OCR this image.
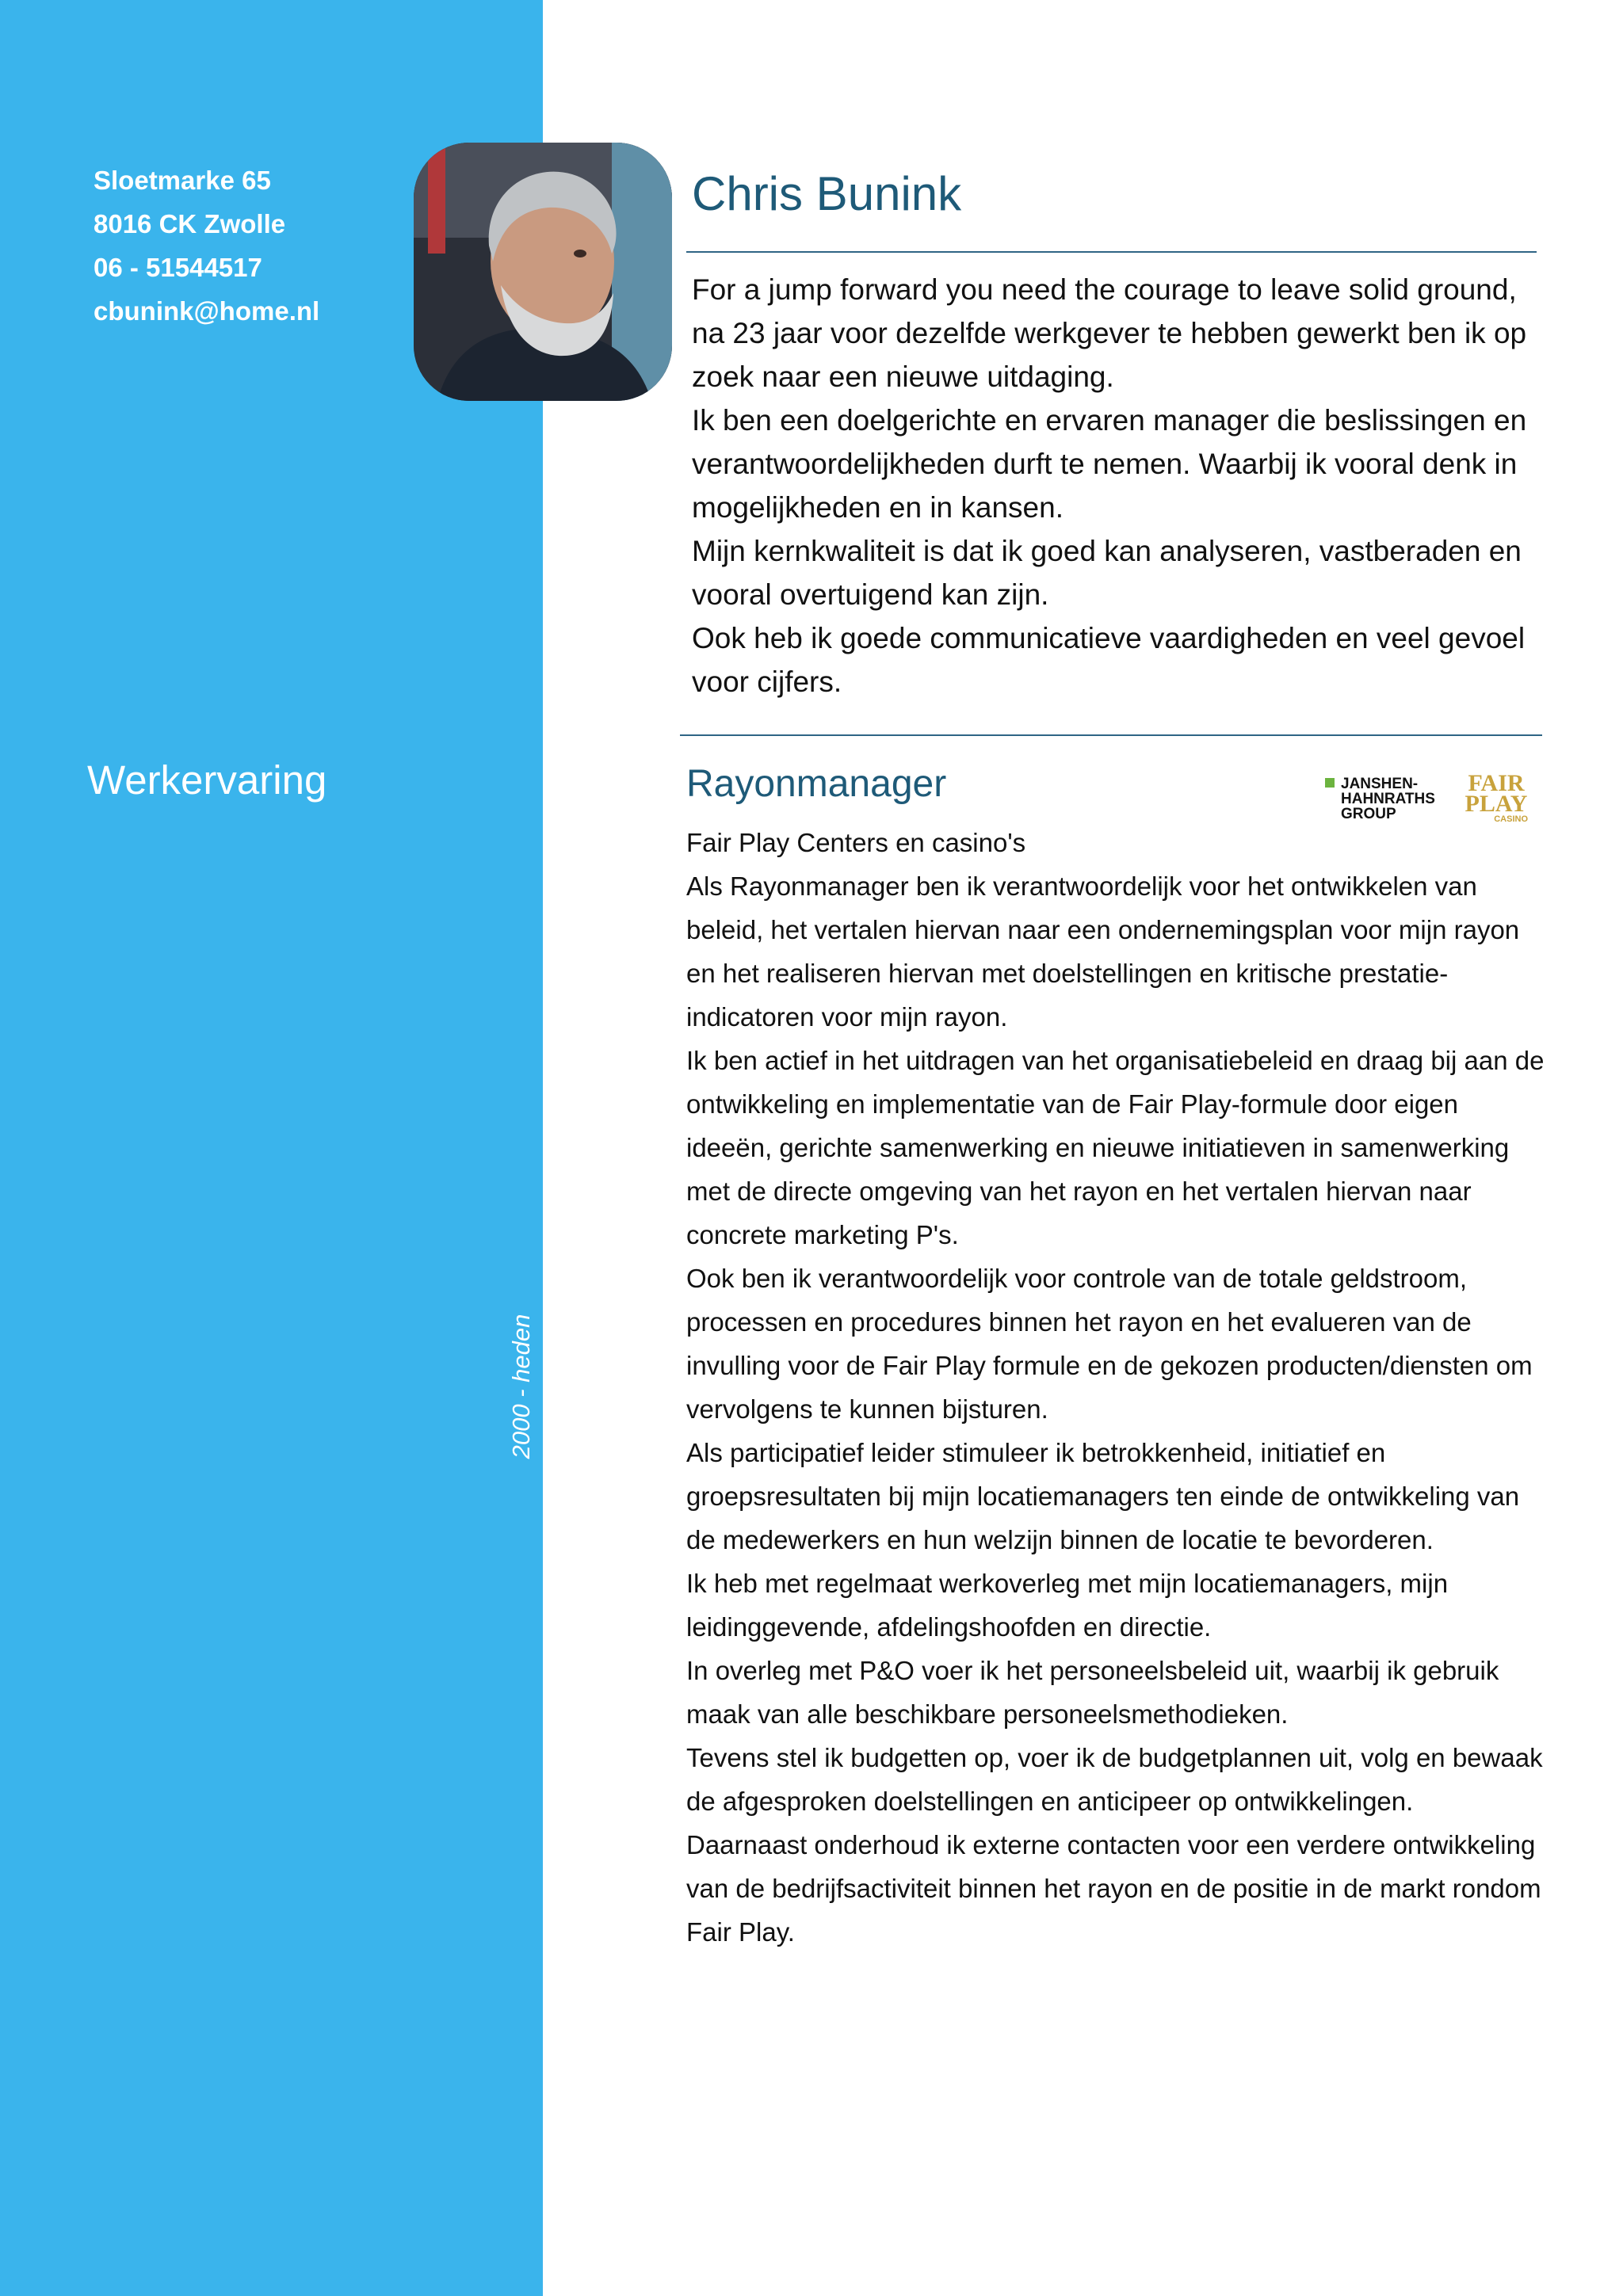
Sloetmarke 65
8016 CK Zwolle
06 - 51544517
cbunink@home.nl
Werkervaring
2000 - heden
Chris Bunink

For a jump forward you need the courage to leave solid ground, na 23 jaar voor dezelfde werkgever te hebben gewerkt ben ik op zoek naar een nieuwe uitdaging.

Ik ben een doelgerichte en ervaren manager die beslissingen en verantwoordelijkheden durft te nemen. Waarbij ik vooral denk in mogelijkheden en in kansen.

Mijn kernkwaliteit is dat ik goed kan analyseren, vastberaden en vooral overtuigend kan zijn.

Ook heb ik goede communicatieve vaardigheden en veel gevoel voor cijfers.

Rayonmanager	JANSHEN-
HAHNRATHS
GROUP
FAIR
PLAY
CASINO

Fair Play Centers en casino's

Als Rayonmanager ben ik verantwoordelijk voor het ontwikkelen van beleid, het vertalen hiervan naar een ondernemingsplan voor mijn rayon en het realiseren hiervan met doelstellingen en kritische prestatie-indicatoren voor mijn rayon.

Ik ben actief in het uitdragen van het organisatiebeleid en draag bij aan de ontwikkeling en implementatie van de Fair Play-formule door eigen ideeën, gerichte samenwerking en nieuwe initiatieven in samenwerking met de directe omgeving van het rayon en het vertalen hiervan naar concrete marketing P's.

Ook ben ik verantwoordelijk voor controle van de totale geldstroom, processen en procedures binnen het rayon en het evalueren van de invulling voor de Fair Play formule en de gekozen producten/diensten om vervolgens te kunnen bijsturen.

Als participatief leider stimuleer ik betrokkenheid, initiatief en groepsresultaten bij mijn locatiemanagers ten einde de ontwikkeling van de medewerkers en hun welzijn binnen de locatie te bevorderen.

Ik heb met regelmaat werkoverleg met mijn locatiemanagers, mijn leidinggevende, afdelingshoofden en directie.

In overleg met P&O voer ik het personeelsbeleid uit, waarbij ik gebruik maak van alle beschikbare personeelsmethodieken.

Tevens stel ik budgetten op, voer ik de budgetplannen uit, volg en bewaak de afgesproken doelstellingen en anticipeer op ontwikkelingen.

Daarnaast onderhoud ik externe contacten voor een verdere ontwikkeling van de bedrijfsactiviteit binnen het rayon en de positie in de markt rondom Fair Play.
